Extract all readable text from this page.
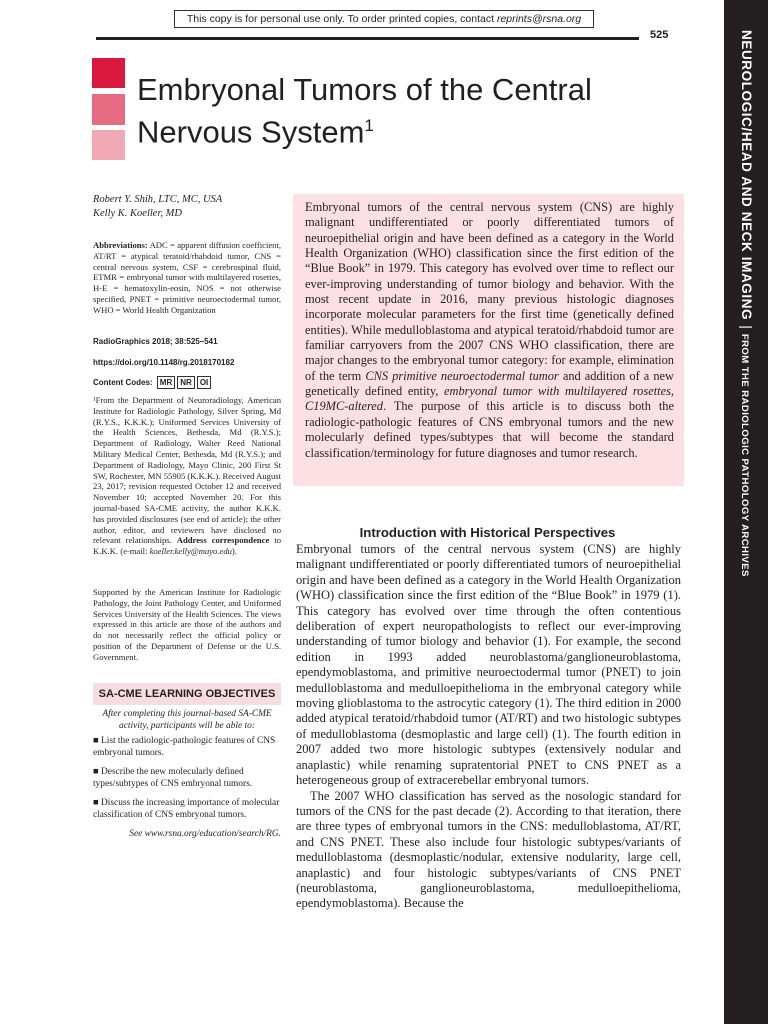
This copy is for personal use only. To order printed copies, contact reprints@rsna.org
525	NEUROLOGIC/HEAD AND NECK IMAGING|FROM THE RADIOLOGIC PATHOLOGY ARCHIVES
Embryonal Tumors of the Central
Nervous System$^1$
Robert Y. Shih, LTC, MC, USA
Kelly K. Koeller, MD
Abbreviations: ADC = apparent diffusion coefficient, AT/RT = atypical teratoid/rhabdoid tumor, CNS = central nervous system, CSF = cerebrospinal fluid, ETMR = embryonal tumor with multilayered rosettes, H-E = hematoxylin-eosin, NOS = not otherwise specified, PNET = primitive neuroectodermal tumor, WHO = World Health Organization
RadioGraphics 2018; 38:525–541
https://doi.org/10.1148/rg.2018170182
Content Codes: MR NR OI
¹From the Department of Neuroradiology, American Institute for Radiologic Pathology, Silver Spring, Md (R.Y.S., K.K.K.); Uniformed Services University of the Health Sciences, Bethesda, Md (R.Y.S.); Department of Radiology, Walter Reed National Military Medical Center, Bethesda, Md (R.Y.S.); and Department of Radiology, Mayo Clinic, 200 First St SW, Rochester, MN 55905 (K.K.K.). Received August 23, 2017; revision requested October 12 and received November 10; accepted November 20. For this journal-based SA-CME activity, the author K.K.K. has provided disclosures (see end of article); the other author, editor, and reviewers have disclosed no relevant relationships. Address correspondence to K.K.K. (e-mail: koeller.kelly@mayo.edu).
Supported by the American Institute for Radiologic Pathology, the Joint Pathology Center, and Uniformed Services University of the Health Sciences. The views expressed in this article are those of the authors and do not necessarily reflect the official policy or position of the Department of Defense or the U.S. Government.
SA-CME LEARNING OBJECTIVES
After completing this journal-based SA-CME activity, participants will be able to:
■ List the radiologic-pathologic features of CNS embryonal tumors.
■ Describe the new molecularly defined types/subtypes of CNS embryonal tumors.
■ Discuss the increasing importance of molecular classification of CNS embryonal tumors.
See www.rsna.org/education/search/RG.
Embryonal tumors of the central nervous system (CNS) are highly malignant undifferentiated or poorly differentiated tumors of neuroepithelial origin and have been defined as a category in the World Health Organization (WHO) classification since the first edition of the “Blue Book” in 1979. This category has evolved over time to reflect our ever-improving understanding of tumor biology and behavior. With the most recent update in 2016, many previous histologic diagnoses incorporate molecular parameters for the first time (genetically defined entities). While medulloblastoma and atypical teratoid/rhabdoid tumor are familiar carryovers from the 2007 CNS WHO classification, there are major changes to the embryonal tumor category: for example, elimination of the term CNS primitive neuroectodermal tumor and addition of a new genetically defined entity, embryonal tumor with multilayered rosettes, C19MC-altered. The purpose of this article is to discuss both the radiologic-pathologic features of CNS embryonal tumors and the new molecularly defined types/subtypes that will become the standard classification/terminology for future diagnoses and tumor research.
Introduction with Historical Perspectives

Embryonal tumors of the central nervous system (CNS) are highly malignant undifferentiated or poorly differentiated tumors of neuroepithelial origin and have been defined as a category in the World Health Organization (WHO) classification since the first edition of the “Blue Book” in 1979 (1). This category has evolved over time through the often contentious deliberation of expert neuropathologists to reflect our ever-improving understanding of tumor biology and behavior (1). For example, the second edition in 1993 added neuroblastoma/ganglioneuroblastoma, ependymoblastoma, and primitive neuroectodermal tumor (PNET) to join medulloblastoma and medulloepithelioma in the embryonal category while moving glioblastoma to the astrocytic category (1). The third edition in 2000 added atypical teratoid/rhabdoid tumor (AT/RT) and two histologic subtypes of medulloblastoma (desmoplastic and large cell) (1). The fourth edition in 2007 added two more histologic subtypes (extensively nodular and anaplastic) while renaming supratentorial PNET to CNS PNET as a heterogeneous group of extracerebellar embryonal tumors.

The 2007 WHO classification has served as the nosologic standard for tumors of the CNS for the past decade (2). According to that iteration, there are three types of embryonal tumors in the CNS: medulloblastoma, AT/RT, and CNS PNET. These also include four histologic subtypes/variants of medulloblastoma (desmoplastic/nodular, extensive nodularity, large cell, anaplastic) and four histologic subtypes/variants of CNS PNET (neuroblastoma, ganglioneuroblastoma, medulloepithelioma, ependymoblastoma). Because the
